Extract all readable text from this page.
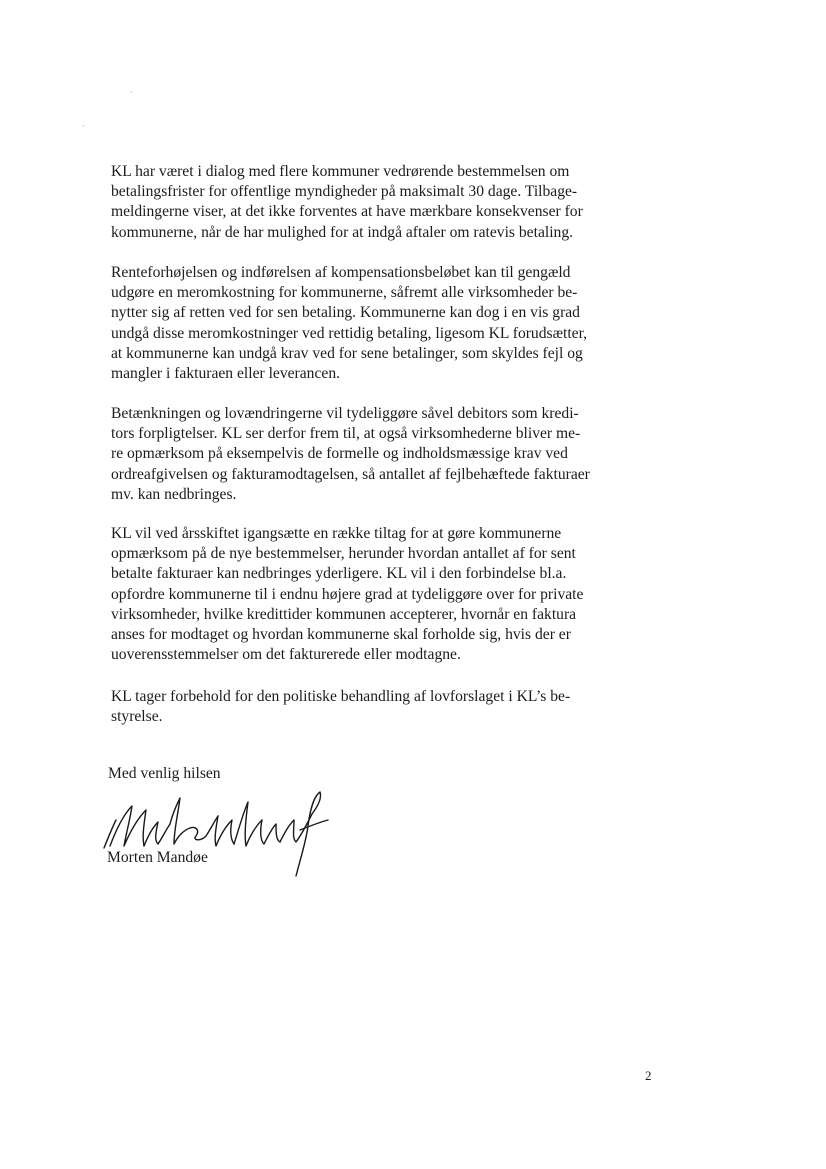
ˏ
ˏ
KL har været i dialog med flere kommuner vedrørende bestemmelsen om
betalingsfrister for offentlige myndigheder på maksimalt 30 dage. Tilbage-
meldingerne viser, at det ikke forventes at have mærkbare konsekvenser for
kommunerne, når de har mulighed for at indgå aftaler om ratevis betaling.
Renteforhøjelsen og indførelsen af kompensationsbeløbet kan til gengæld
udgøre en meromkostning for kommunerne, såfremt alle virksomheder be-
nytter sig af retten ved for sen betaling. Kommunerne kan dog i en vis grad
undgå disse meromkostninger ved rettidig betaling, ligesom KL forudsætter,
at kommunerne kan undgå krav ved for sene betalinger, som skyldes fejl og
mangler i fakturaen eller leverancen.
Betænkningen og lovændringerne vil tydeliggøre såvel debitors som kredi-
tors forpligtelser. KL ser derfor frem til, at også virksomhederne bliver me-
re opmærksom på eksempelvis de formelle og indholdsmæssige krav ved
ordreafgivelsen og fakturamodtagelsen, så antallet af fejlbehæftede fakturaer
mv. kan nedbringes.
KL vil ved årsskiftet igangsætte en række tiltag for at gøre kommunerne
opmærksom på de nye bestemmelser, herunder hvordan antallet af for sent
betalte fakturaer kan nedbringes yderligere. KL vil i den forbindelse bl.a.
opfordre kommunerne til i endnu højere grad at tydeliggøre over for private
virksomheder, hvilke kredittider kommunen accepterer, hvornår en faktura
anses for modtaget og hvordan kommunerne skal forholde sig, hvis der er
uoverensstemmelser om det fakturerede eller modtagne.
KL tager forbehold for den politiske behandling af lovforslaget i KL’s be-
styrelse.
Med venlig hilsen
Morten Mandøe
2
